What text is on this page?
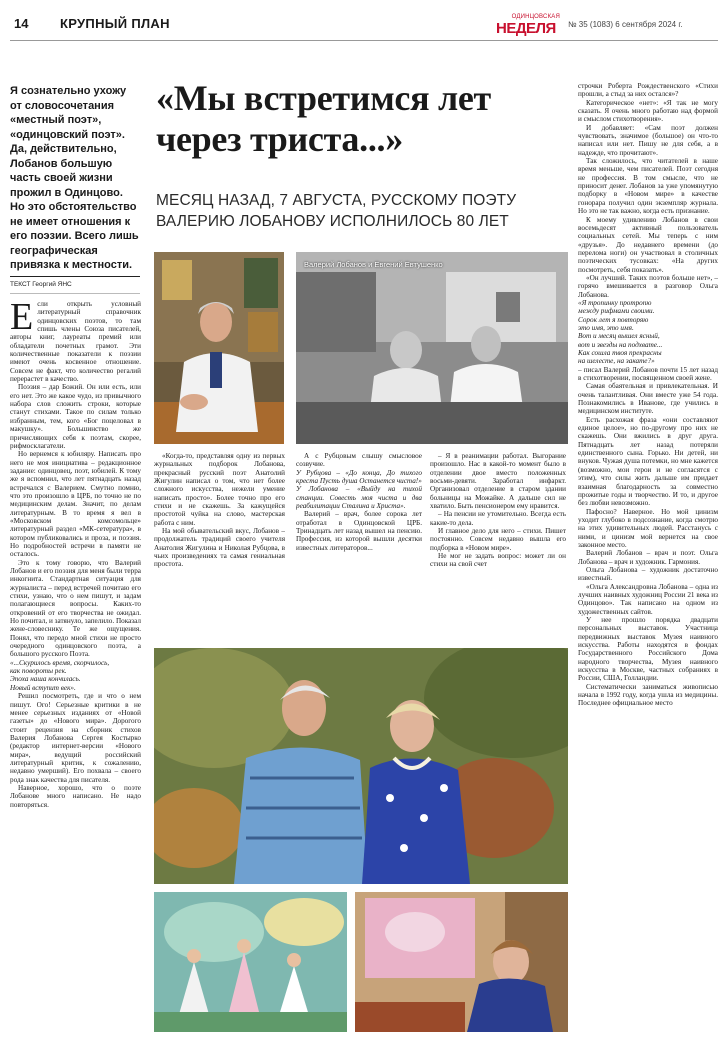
14 КРУПНЫЙ ПЛАН	ОДИНЦОВСКАЯ
НЕДЕЛЯ	№ 35 (1083) 6 сентября 2024 г.
Я сознательно ухожу от словосочетания «местный поэт», «одинцовский поэт». Да, действительно, Лобанов большую часть своей жизни прожил в Одинцово. Но это обстоятельство не имеет отношения к его поэзии. Всего лишь географическая привязка к местности.
ТЕКСТ Георгий ЯНС
«Мы встретимся лет через триста...»
МЕСЯЦ НАЗАД, 7 АВГУСТА, РУССКОМУ ПОЭТУ ВАЛЕРИЮ ЛОБАНОВУ ИСПОЛНИЛОСЬ 80 ЛЕТ

Если открыть условный литературный справочник одинцовских поэтов, то там спишь члены Союза писателей, авторы книг, лауреаты премий или обладатели почетных грамот. Эти количественные показатели к поэзии имеют очень косвенное отношение. Совсем не факт, что количество регалий перерастет в качество.

Поэзия – дар Божий. Он или есть, или его нет. Это же какое чудо, из привычного набора слов сложить строки, которые станут стихами. Такое по силам только избранным, тем, кого «Бог поцеловал в макушку». Большинство же причисляющих себя к поэтам, скорее, рифмосклагатели.

Но вернемся к юбиляру. Написать про него не моя инициатива – редакционное задание: одинцовец, поэт, юбилей. К тому же я вспомнил, что лет пятнадцать назад встречался с Валерием. Смутно помню, что это произошло в ЦРБ, по точно не по медицинским делам. Значит, по делам литературным. В то время я вел в «Московском комсомольце» литературный раздел «МК-сетература», в котором публиковались и проза, и поэзия. Но подробностей встречи в памяти не осталось.

Это к тому говорю, что Валерий Лобанов и его поэзия для меня были терра инкогнита. Стандартная ситуация для журналиста – перед встречей почитаю его стихи, узнаю, что о нем пишут, и задам полагающиеся вопросы. Каких-то откровений от его творчества не ожидал. Но почитал, и затянуло, запелило. Показал жене-словеснику. Те же ощущения. Понял, что передо мной стихи не просто очередного одинцовского поэта, а большого русского Поэта.

«...Скурилось время, скорчилось,

как повороты рек.

Эпоха наша кончилась.

Новый вступит век».

Решил посмотреть, где и что о нем пишут. Ого! Серьезные критики в не менее серьезных изданиях от «Новой газеты» до «Нового мира». Дорогого стоит рецензия на сборник стихов Валерия Лобанова Сергея Костырко (редактор интернет-версии «Нового мира», ведущий российский литературный критик, к сожалению, недавно умерший). Его похвала – своего рода знак качества для писателя.

Наверное, хорошо, что о поэте Лобанове много написано. Не надо повторяться.

Валерий Лобанов и Евгений Евтушенко

«Когда-то, представляя одну из первых журнальных подборок Лобанова, прекрасный русский поэт Анатолий Жигулин написал о том, что нет более сложного искусства, нежели умение написать просто». Более точно про его стихи и не скажешь. За кажущейся простотой чуйка на слово, мастерская работа с ним.

На мой обывательский вкус, Лобанов – продолжатель традиций своего учителя Анатолия Жигулина и Николая Рубцова, в чьих произведениях та самая гениальная простота.

А с Рубцовым слышу смысловое созвучие.

У Рубцова – «До конца, До тихого креста Пусть душа Останется чиста!»

У Лобанова – «Выйду на тихой станции. Совесть моя чиста и два реабилитации Сталина и Христа».

Валерий – врач, более сорока лет отработал в Одинцовской ЦРБ. Тринадцать лет назад вышел на пенсию. Профессия, из которой вышли десятки известных литераторов...

– Я в реанимации работал. Выгорание произошло. Нас в какой-то момент было в отделении двое вместо положенных восьми-девяти. Заработал инфаркт. Организовал отделение в старом здании больницы на Можайке. А дальше сил не хватило. Быть пенсионером ему нравится.

– На пенсии не утомительно. Всегда есть какие-то дела.

И главное дело для него – стихи. Пишет постоянно. Совсем недавно вышла его подборка в «Новом мире».

Не мог не задать вопрос: может ли он стихи на свой счет

строчки Роберта Рождественского «Стихи прошли, а стыд за них остался»?

Категорическое «нет»: «Я так не могу сказать. Я очень много работаю над формой и смыслом стихотворения».

И добавляет: «Сам поэт должен чувствовать, значимое (большое) он что-то написал или нет. Пишу не для себя, а в надежде, что прочитают».

Так сложилось, что читателей в наше время меньше, чем писателей. Поэт сегодня не профессия. В том смысле, что не приносит денег. Лобанов за уже упомянутую подборку в «Новом мире» в качестве гонорара получил один экземпляр журнала. Но это не так важно, когда есть признание.

К моему удивлению Лобанов в свои восемьдесят активный пользователь социальных сетей. Мы теперь с ним «друзья». До недавнего времени (до перелома ноги) он участвовал в столичных поэтических тусовках: «На других посмотреть, себя показать».

«Он лучший. Таких поэтов больше нет», – горячо вмешивается в разговор Ольга Лобанова.

«Я тропинку протропю

между рифмами своими.

Сорок лет я повторяю

это имя, это имя.

Вот и месяц вышел ясный,

вот и звезды на подхвате...

Как сошла твоя прекрасны

на шелесте, на закате?»

– писал Валерий Лобанов почти 15 лет назад в стихотворении, посвященном своей жене.

Самая обаятельная и привлекательная. И очень талантливая. Они вместе уже 54 года. Познакомились в Иванове, где учились в медицинском институте.

Есть расхожая фраза «они составляют единое целое», но по-другому про них не скажешь. Они вжились в друг друга. Пятнадцать лет назад потеряли единственного сына. Горько. Ни детей, ни внуков. Чужая душа потемки, но мне кажется (возможно, мои герои и не согласятся с этим), что силы жить дальше им придает взаимная благодарность за совместно прожитые годы и творчество. И то, и другое без любви невозможно.

Пафосно? Наверное. Но мой цинизм уходит глубоко в подсознание, когда смотрю на этих удивительных людей. Расстанусь с ними, и цинизм мой вернется на свое законное место.

Валерий Лобанов – врач и поэт. Ольга Лобанова – врач и художник. Гармония.

Ольга Лобанова – художник достаточно известный.

«Ольга Александровна Лобанова – одна из лучших наивных художниц России 21 века из Одинцово». Так написано на одном из художественных сайтов.

У нее прошло порядка двадцати персональных выставок. Участница передвижных выставок Музея наивного искусства. Работы находятся в фондах Государственного Российского Дома народного творчества, Музея наивного искусства в Москве, частных собраниях в России, США, Голландии.

Систематически заниматься живописью начала в 1992 году, когда ушла из медицины. Последнее официальное место
